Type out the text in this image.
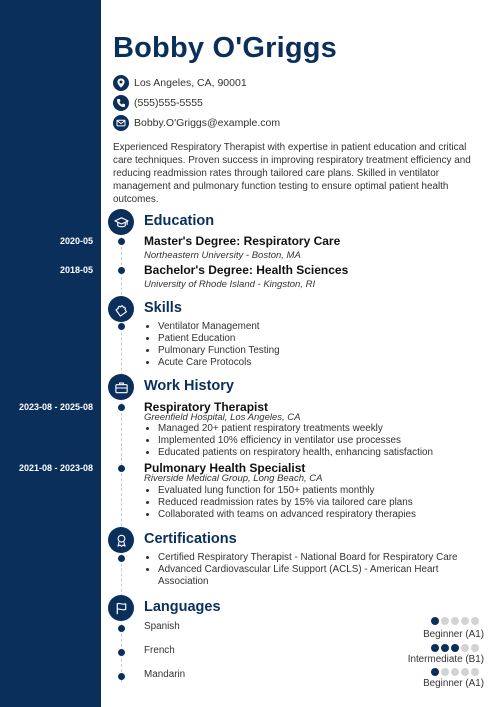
Bobby O'Griggs
Los Angeles, CA, 90001
(555)555-5555
Bobby.O'Griggs@example.com

Experienced Respiratory Therapist with expertise in patient education and critical care techniques. Proven success in improving respiratory treatment efficiency and reducing readmission rates through tailored care plans. Skilled in ventilator management and pulmonary function testing to ensure optimal patient health outcomes.

Education
2020-05	Master's Degree: Respiratory Care
Northeastern University - Boston, MA
2018-05	Bachelor's Degree: Health Sciences
University of Rhode Island - Kingston, RI
Skills
• Ventilator Management
• Patient Education
• Pulmonary Function Testing
• Acute Care Protocols
Work History
2023-08 - 2025-08	Respiratory Therapist
Greenfield Hospital, Los Angeles, CA
• Managed 20+ patient respiratory treatments weekly
• Implemented 10% efficiency in ventilator use processes
• Educated patients on respiratory health, enhancing satisfaction
2021-08 - 2023-08	Pulmonary Health Specialist
Riverside Medical Group, Long Beach, CA
• Evaluated lung function for 150+ patients monthly
• Reduced readmission rates by 15% via tailored care plans
• Collaborated with teams on advanced respiratory therapies
Certifications
• Certified Respiratory Therapist - National Board for Respiratory Care
• Advanced Cardiovascular Life Support (ACLS) - American Heart Association
Languages
Spanish
Beginner (A1)
French
Intermediate (B1)
Mandarin
Beginner (A1)
